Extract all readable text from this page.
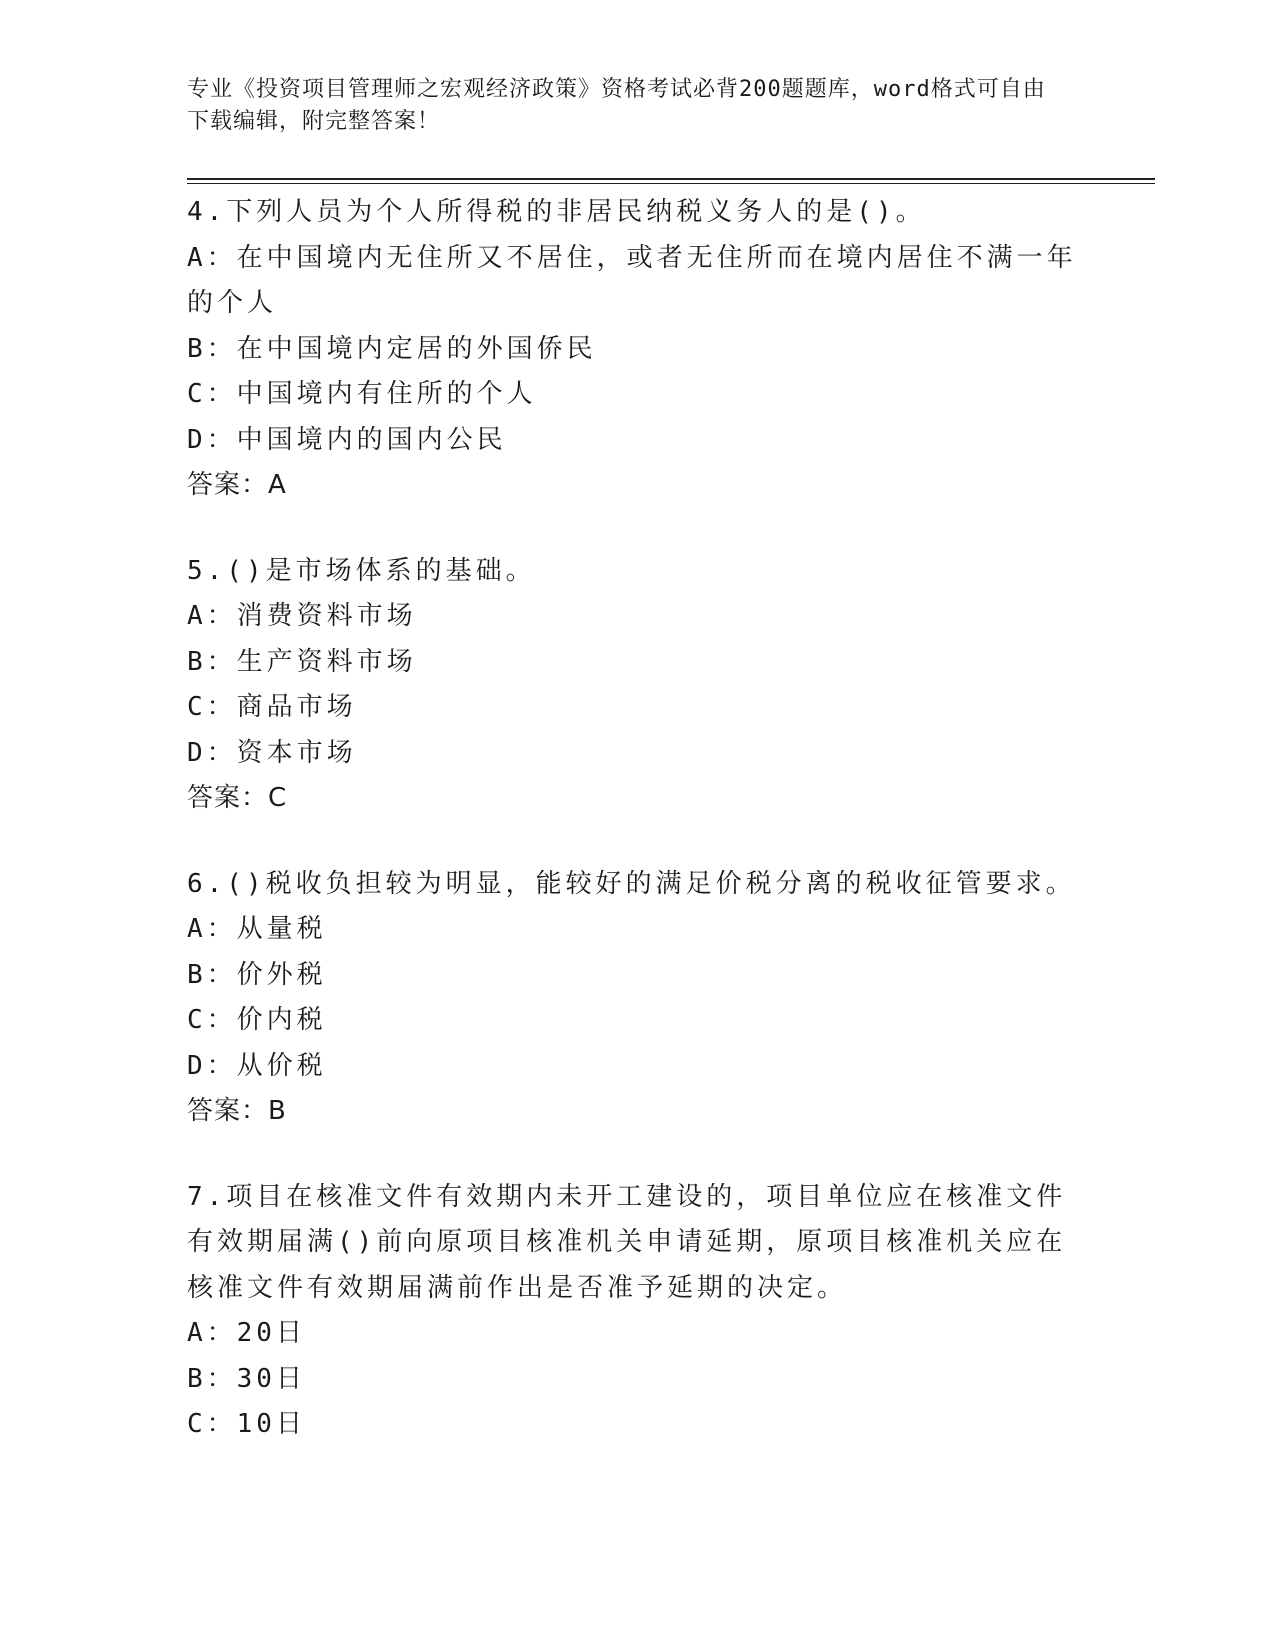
专业《投资项目管理师之宏观经济政策》资格考试必背200题题库，word格式可自由下载编辑，附完整答案！

4.下列人员为个人所得税的非居民纳税义务人的是()。

A：在中国境内无住所又不居住，或者无住所而在境内居住不满一年的个人

B：在中国境内定居的外国侨民

C：中国境内有住所的个人

D：中国境内的国内公民

答案：A

5.()是市场体系的基础。

A：消费资料市场

B：生产资料市场

C：商品市场

D：资本市场

答案：C

6.()税收负担较为明显，能较好的满足价税分离的税收征管要求。

A：从量税

B：价外税

C：价内税

D：从价税

答案：B

7.项目在核准文件有效期内未开工建设的，项目单位应在核准文件有效期届满()前向原项目核准机关申请延期，原项目核准机关应在核准文件有效期届满前作出是否准予延期的决定。

A：20日

B：30日

C：10日
